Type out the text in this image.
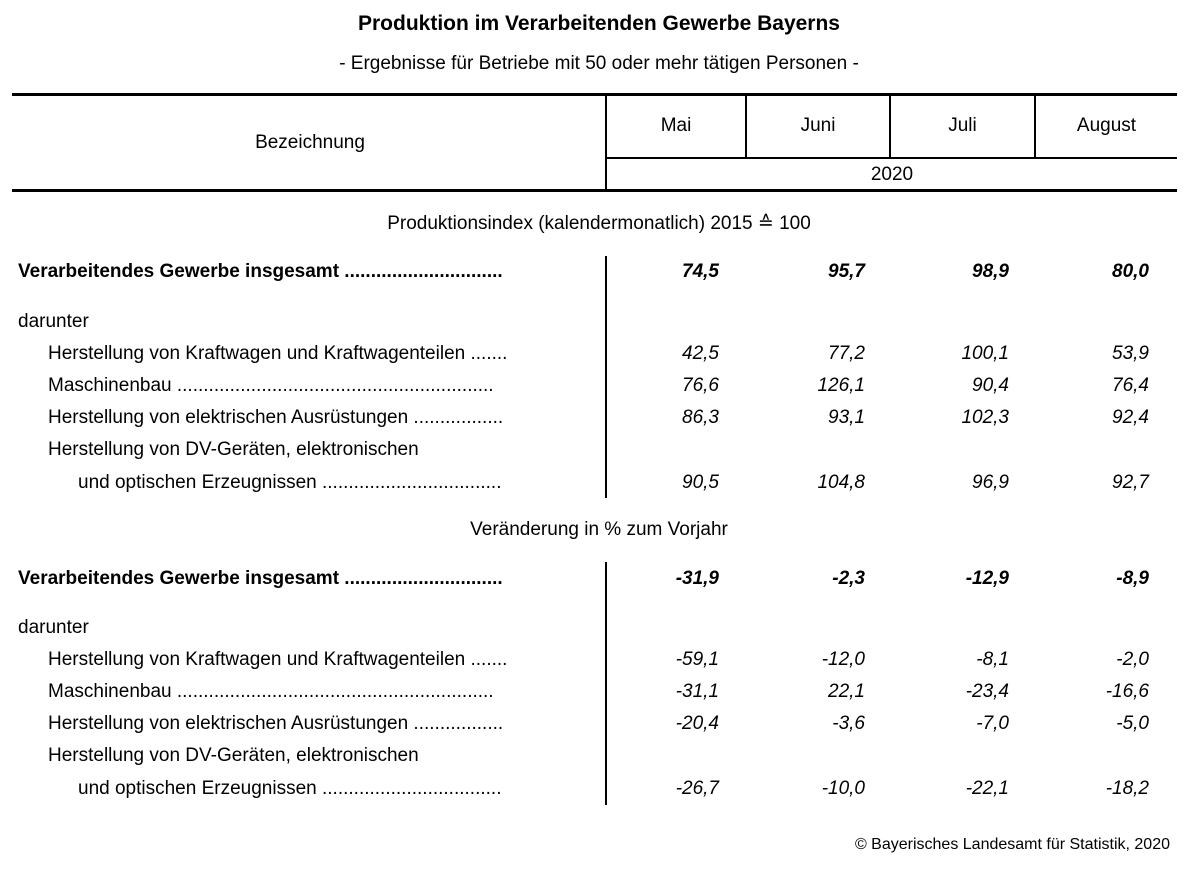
Produktion im Verarbeitenden Gewerbe Bayerns
- Ergebnisse für Betriebe mit 50 oder mehr tätigen Personen -
Bezeichnung
Mai	Juni	Juli	August
2020
Produktionsindex (kalendermonatlich) 2015 ≙ 100
Verarbeitendes Gewerbe insgesamt ..............................	74,5	95,7	98,9	80,0
darunter
Herstellung von Kraftwagen und Kraftwagenteilen .......	42,5	77,2	100,1	53,9
Maschinenbau ............................................................	76,6	126,1	90,4	76,4
Herstellung von elektrischen Ausrüstungen .................	86,3	93,1	102,3	92,4
Herstellung von DV-Geräten, elektronischen
und optischen Erzeugnissen ..................................	90,5	104,8	96,9	92,7
Veränderung in % zum Vorjahr
Verarbeitendes Gewerbe insgesamt ..............................	-31,9	-2,3	-12,9	-8,9
darunter
Herstellung von Kraftwagen und Kraftwagenteilen .......	-59,1	-12,0	-8,1	-2,0
Maschinenbau ............................................................	-31,1	22,1	-23,4	-16,6
Herstellung von elektrischen Ausrüstungen .................	-20,4	-3,6	-7,0	-5,0
Herstellung von DV-Geräten, elektronischen
und optischen Erzeugnissen ..................................	-26,7	-10,0	-22,1	-18,2
© Bayerisches Landesamt für Statistik, 2020
